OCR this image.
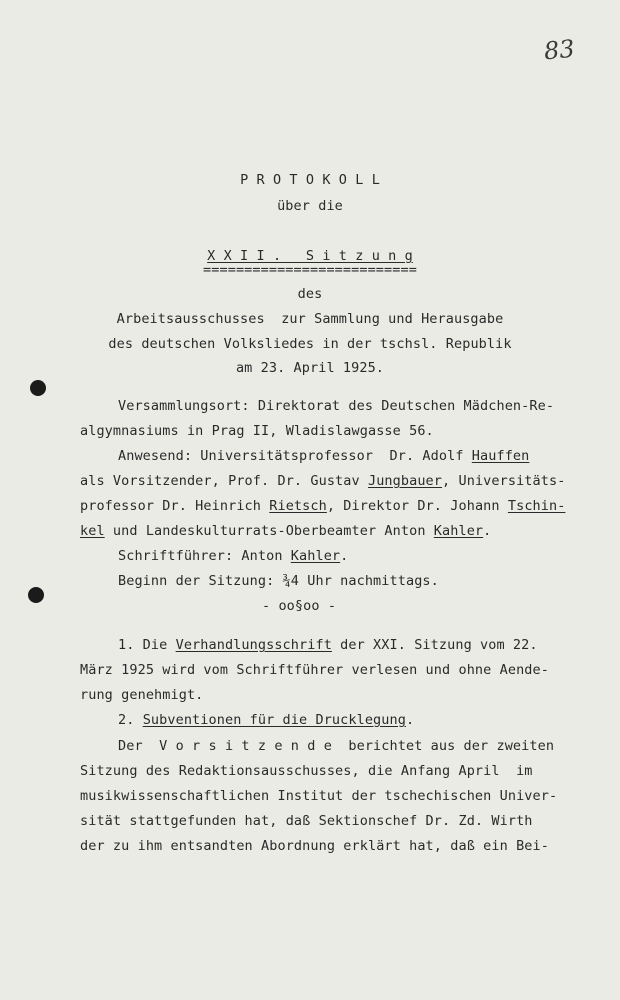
83
P R O T O K O L L
über die
X X I I .   S i t z u n g
==========================
des
Arbeitsausschusses  zur Sammlung und Herausgabe
des deutschen Volksliedes in der tschsl. Republik
am 23. April 1925.
Versammlungsort: Direktorat des Deutschen Mädchen-Re-
algymnasiums in Prag II, Wladislawgasse 56.
Anwesend: Universitätsprofessor  Dr. Adolf Hauffen
als Vorsitzender, Prof. Dr. Gustav Jungbauer, Universitäts-
professor Dr. Heinrich Rietsch, Direktor Dr. Johann Tschin-
kel und Landeskulturrats-Oberbeamter Anton Kahler.
Schriftführer: Anton Kahler.
Beginn der Sitzung: ¾4 Uhr nachmittags.
- oo§oo -
1. Die Verhandlungsschrift der XXI. Sitzung vom 22.
März 1925 wird vom Schriftführer verlesen und ohne Aende-
rung genehmigt.
2. Subventionen für die Drucklegung.
Der  V o r s i t z e n d e  berichtet aus der zweiten
Sitzung des Redaktionsausschusses, die Anfang April  im
musikwissenschaftlichen Institut der tschechischen Univer-
sität stattgefunden hat, daß Sektionschef Dr. Zd. Wirth
der zu ihm entsandten Abordnung erklärt hat, daß ein Bei-
